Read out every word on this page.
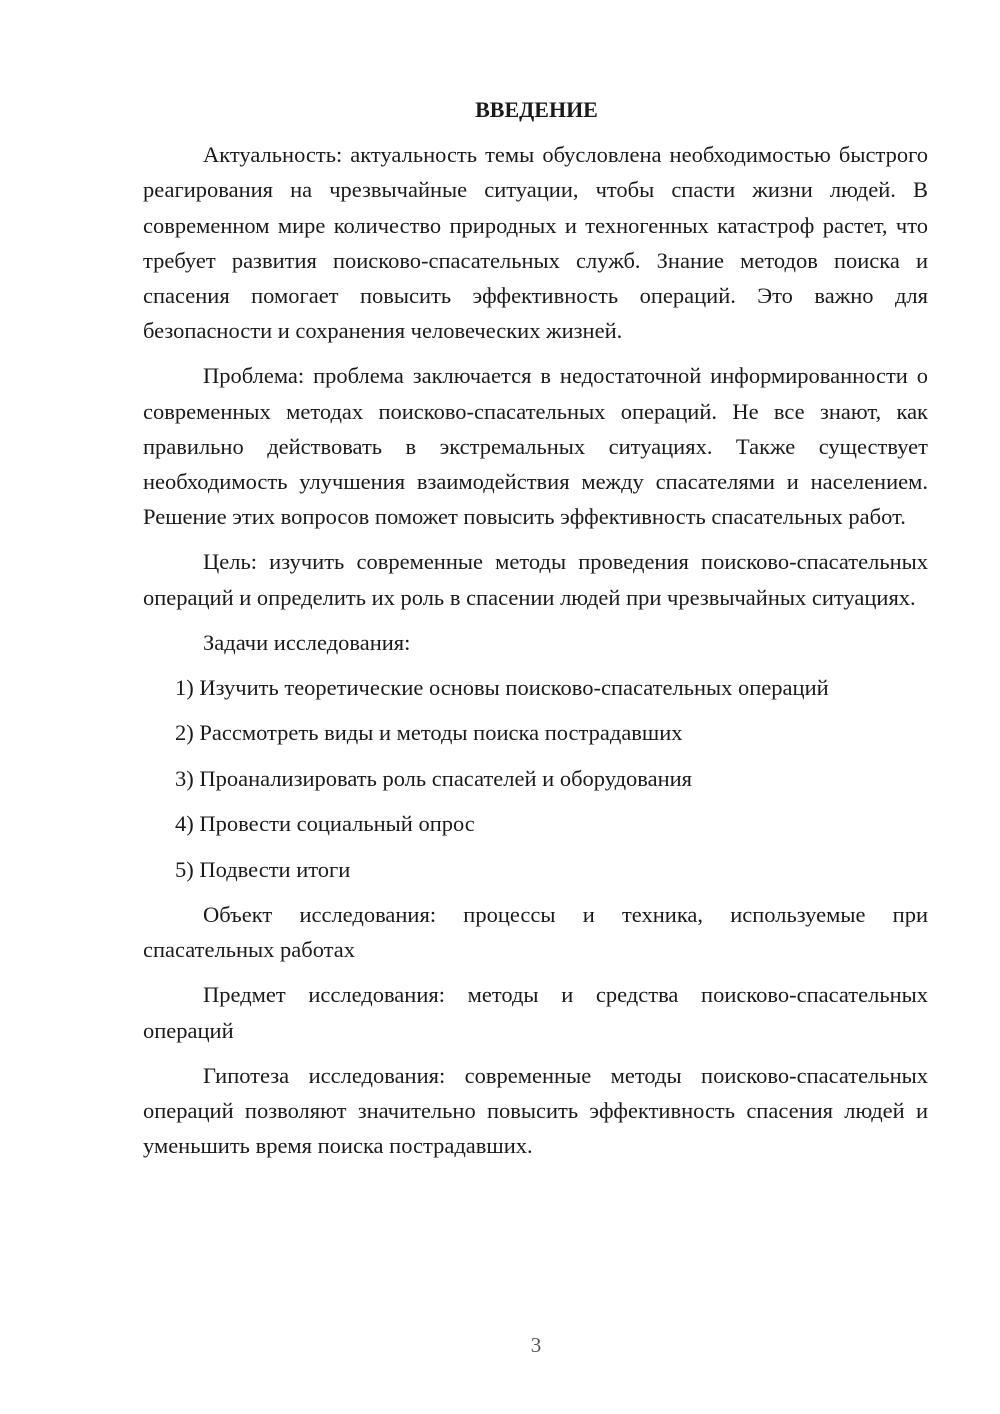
ВВЕДЕНИЕ

Актуальность: актуальность темы обусловлена необходимостью быстрого реагирования на чрезвычайные ситуации, чтобы спасти жизни людей. В современном мире количество природных и техногенных катастроф растет, что требует развития поисково-спасательных служб. Знание методов поиска и спасения помогает повысить эффективность операций. Это важно для безопасности и сохранения человеческих жизней.

Проблема: проблема заключается в недостаточной информированности о современных методах поисково-спасательных операций. Не все знают, как правильно действовать в экстремальных ситуациях. Также существует необходимость улучшения взаимодействия между спасателями и населением. Решение этих вопросов поможет повысить эффективность спасательных работ.

Цель: изучить современные методы проведения поисково-спасательных операций и определить их роль в спасении людей при чрезвычайных ситуациях.

Задачи исследования:
1) Изучить теоретические основы поисково-спасательных операций
2) Рассмотреть виды и методы поиска пострадавших
3) Проанализировать роль спасателей и оборудования
4) Провести социальный опрос
5) Подвести итоги

Объект исследования: процессы и техника, используемые при спасательных работах

Предмет исследования: методы и средства поисково-спасательных операций

Гипотеза исследования: современные методы поисково-спасательных операций позволяют значительно повысить эффективность спасения людей и уменьшить время поиска пострадавших.

3
